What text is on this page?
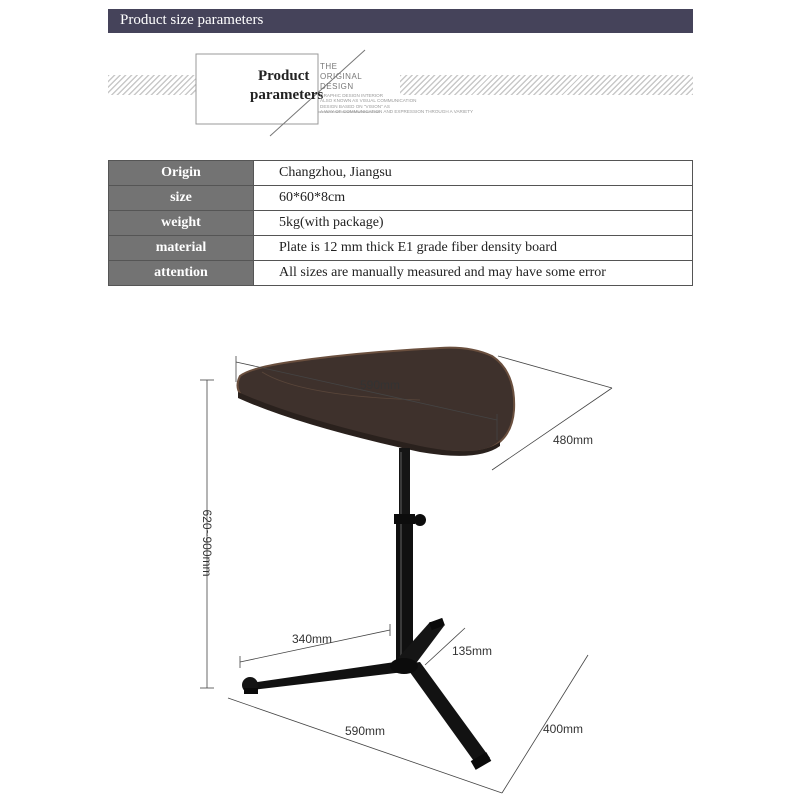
Product size parameters
Product
parameters
THE
ORIGINAL
DESIGN
GRAPHIC DESIGN INTERIOR
ALSO KNOWN AS VISUAL COMMUNICATION
DESIGN BASED ON "VISION" AS
A WAY OF COMMUNICATION AND EXPRESSION THROUGH A VARIETY
Origin	Changzhou, Jiangsu
size	60*60*8cm
weight	5kg(with package)
material	Plate is 12 mm thick E1 grade fiber density board
attention	All sizes are manually measured and may have some error
590mm
480mm
620~900mm
340mm
135mm
590mm	400mm
